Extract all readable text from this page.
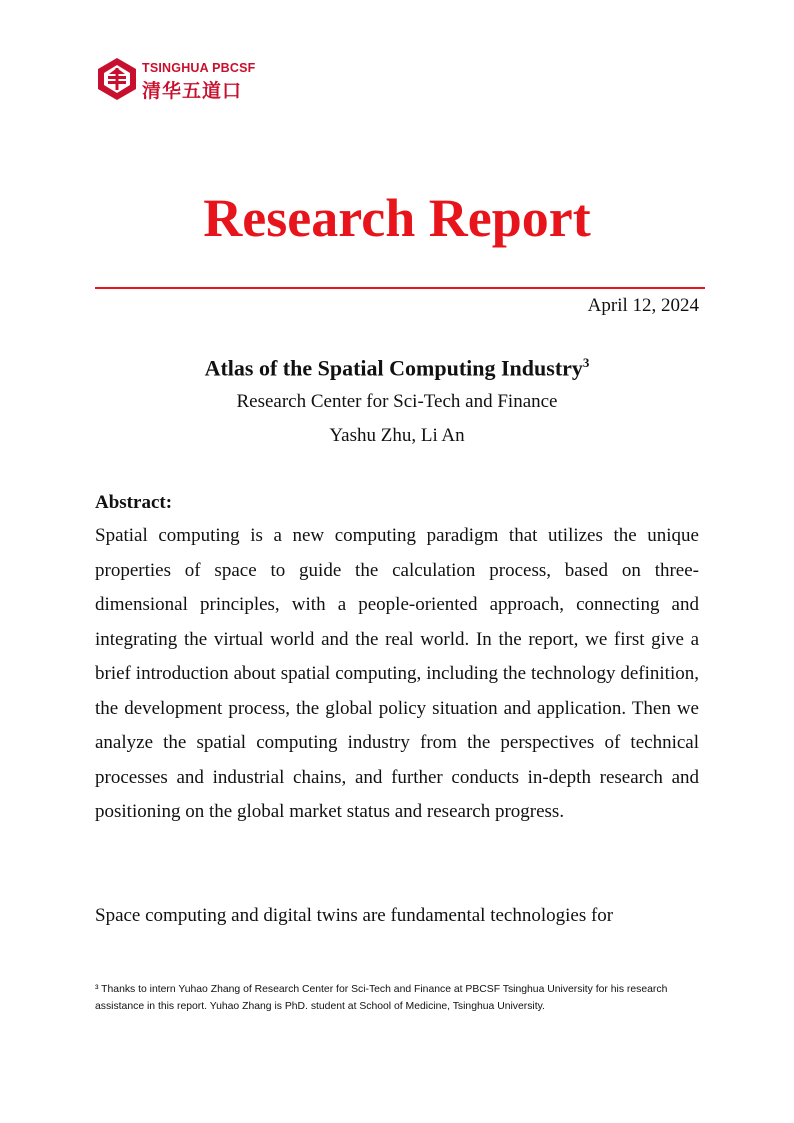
TSINGHUA PBCSF
清华五道口
Research Report
April 12, 2024
Atlas of the Spatial Computing Industry$^3$
Research Center for Sci-Tech and Finance
Yashu Zhu, Li An
Abstract:

Spatial computing is a new computing paradigm that utilizes the unique properties of space to guide the calculation process, based on three-dimensional principles, with a people-oriented approach, connecting and integrating the virtual world and the real world. In the report, we first give a brief introduction about spatial computing, including the technology definition, the development process, the global policy situation and application. Then we analyze the spatial computing industry from the perspectives of technical processes and industrial chains, and further conducts in-depth research and positioning on the global market status and research progress.

Space computing and digital twins are fundamental technologies for

³ Thanks to intern Yuhao Zhang of Research Center for Sci-Tech and Finance at PBCSF Tsinghua University for his research assistance in this report. Yuhao Zhang is PhD. student at School of Medicine, Tsinghua University.
